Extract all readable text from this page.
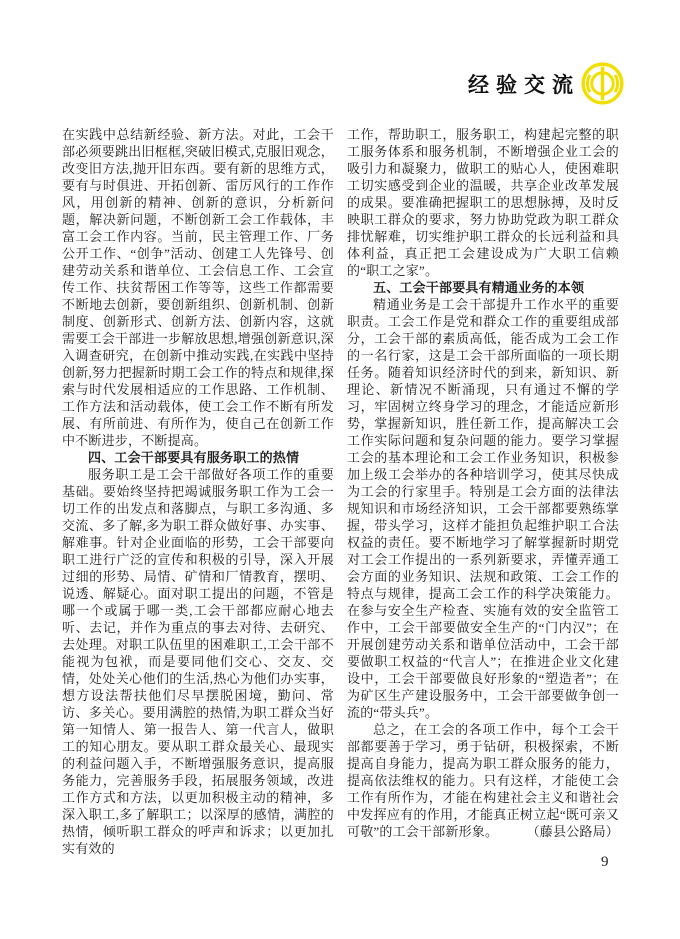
经验交流

在实践中总结新经验、新方法。对此，工会干部必须要跳出旧框框,突破旧模式,克服旧观念，改变旧方法,抛开旧东西。要有新的思维方式，要有与时俱进、开拓创新、雷厉风行的工作作风，用创新的精神、创新的意识，分析新问题，解决新问题，不断创新工会工作载体，丰富工会工作内容。当前，民主管理工作、厂务公开工作、“创争”活动、创建工人先锋号、创建劳动关系和谐单位、工会信息工作、工会宣传工作、扶贫帮困工作等等，这些工作都需要不断地去创新，要创新组织、创新机制、创新制度、创新形式、创新方法、创新内容，这就需要工会干部进一步解放思想,增强创新意识,深入调查研究，在创新中推动实践,在实践中坚持创新,努力把握新时期工会工作的特点和规律,探索与时代发展相适应的工作思路、工作机制、工作方法和活动载体，使工会工作不断有所发展、有所前进、有所作为，使自己在创新工作中不断进步，不断提高。

四、工会干部要具有服务职工的热情

服务职工是工会干部做好各项工作的重要基础。要始终坚持把竭诚服务职工作为工会一切工作的出发点和落脚点，与职工多沟通、多交流、多了解,多为职工群众做好事、办实事、解难事。针对企业面临的形势，工会干部要向职工进行广泛的宣传和积极的引导，深入开展过细的形势、局情、矿情和厂情教育，摆明、说透、解疑心。面对职工提出的问题，不管是哪一个或属于哪一类,工会干部都应耐心地去听、去记，并作为重点的事去对待、去研究、去处理。对职工队伍里的困难职工,工会干部不能视为包袱，而是要同他们交心、交友、交情，处处关心他们的生活,热心为他们办实事，想方设法帮扶他们尽早摆脱困境，勤问、常访、多关心。要用满腔的热情,为职工群众当好第一知情人、第一报告人、第一代言人，做职工的知心朋友。要从职工群众最关心、最现实的利益问题入手，不断增强服务意识，提高服务能力，完善服务手段，拓展服务领域，改进工作方式和方法，以更加积极主动的精神，多深入职工,多了解职工；以深厚的感情，满腔的热情，倾听职工群众的呼声和诉求；以更加扎实有效的

工作，帮助职工，服务职工，构建起完整的职工服务体系和服务机制，不断增强企业工会的吸引力和凝聚力，做职工的贴心人，使困难职工切实感受到企业的温暖，共享企业改革发展的成果。要准确把握职工的思想脉搏，及时反映职工群众的要求，努力协助党政为职工群众排忧解难，切实维护职工群众的长远利益和具体利益，真正把工会建设成为广大职工信赖的“职工之家”。

五、工会干部要具有精通业务的本领

精通业务是工会干部提升工作水平的重要职责。工会工作是党和群众工作的重要组成部分，工会干部的素质高低，能否成为工会工作的一名行家，这是工会干部所面临的一项长期任务。随着知识经济时代的到来，新知识、新理论、新情况不断涌现，只有通过不懈的学习，牢固树立终身学习的理念，才能适应新形势，掌握新知识，胜任新工作，提高解决工会工作实际问题和复杂问题的能力。要学习掌握工会的基本理论和工会工作业务知识，积极参加上级工会举办的各种培训学习，使其尽快成为工会的行家里手。特别是工会方面的法律法规知识和市场经济知识，工会干部都要熟练掌握，带头学习，这样才能担负起维护职工合法权益的责任。要不断地学习了解掌握新时期党对工会工作提出的一系列新要求，弄懂弄通工会方面的业务知识、法规和政策、工会工作的特点与规律，提高工会工作的科学决策能力。在参与安全生产检查、实施有效的安全监管工作中，工会干部要做安全生产的“门内汉”；在开展创建劳动关系和谐单位活动中，工会干部要做职工权益的“代言人”；在推进企业文化建设中，工会干部要做良好形象的“塑造者”；在为矿区生产建设服务中，工会干部要做争创一流的“带头兵”。

总之，在工会的各项工作中，每个工会干部都要善于学习，勇于钻研，积极探索，不断提高自身能力，提高为职工群众服务的能力，提高依法维权的能力。只有这样，才能使工会工作有所作为，才能在构建社会主义和谐社会中发挥应有的作用，才能真正树立起“既可亲又可敬”的工会干部新形象。	（藤县公路局）

9
